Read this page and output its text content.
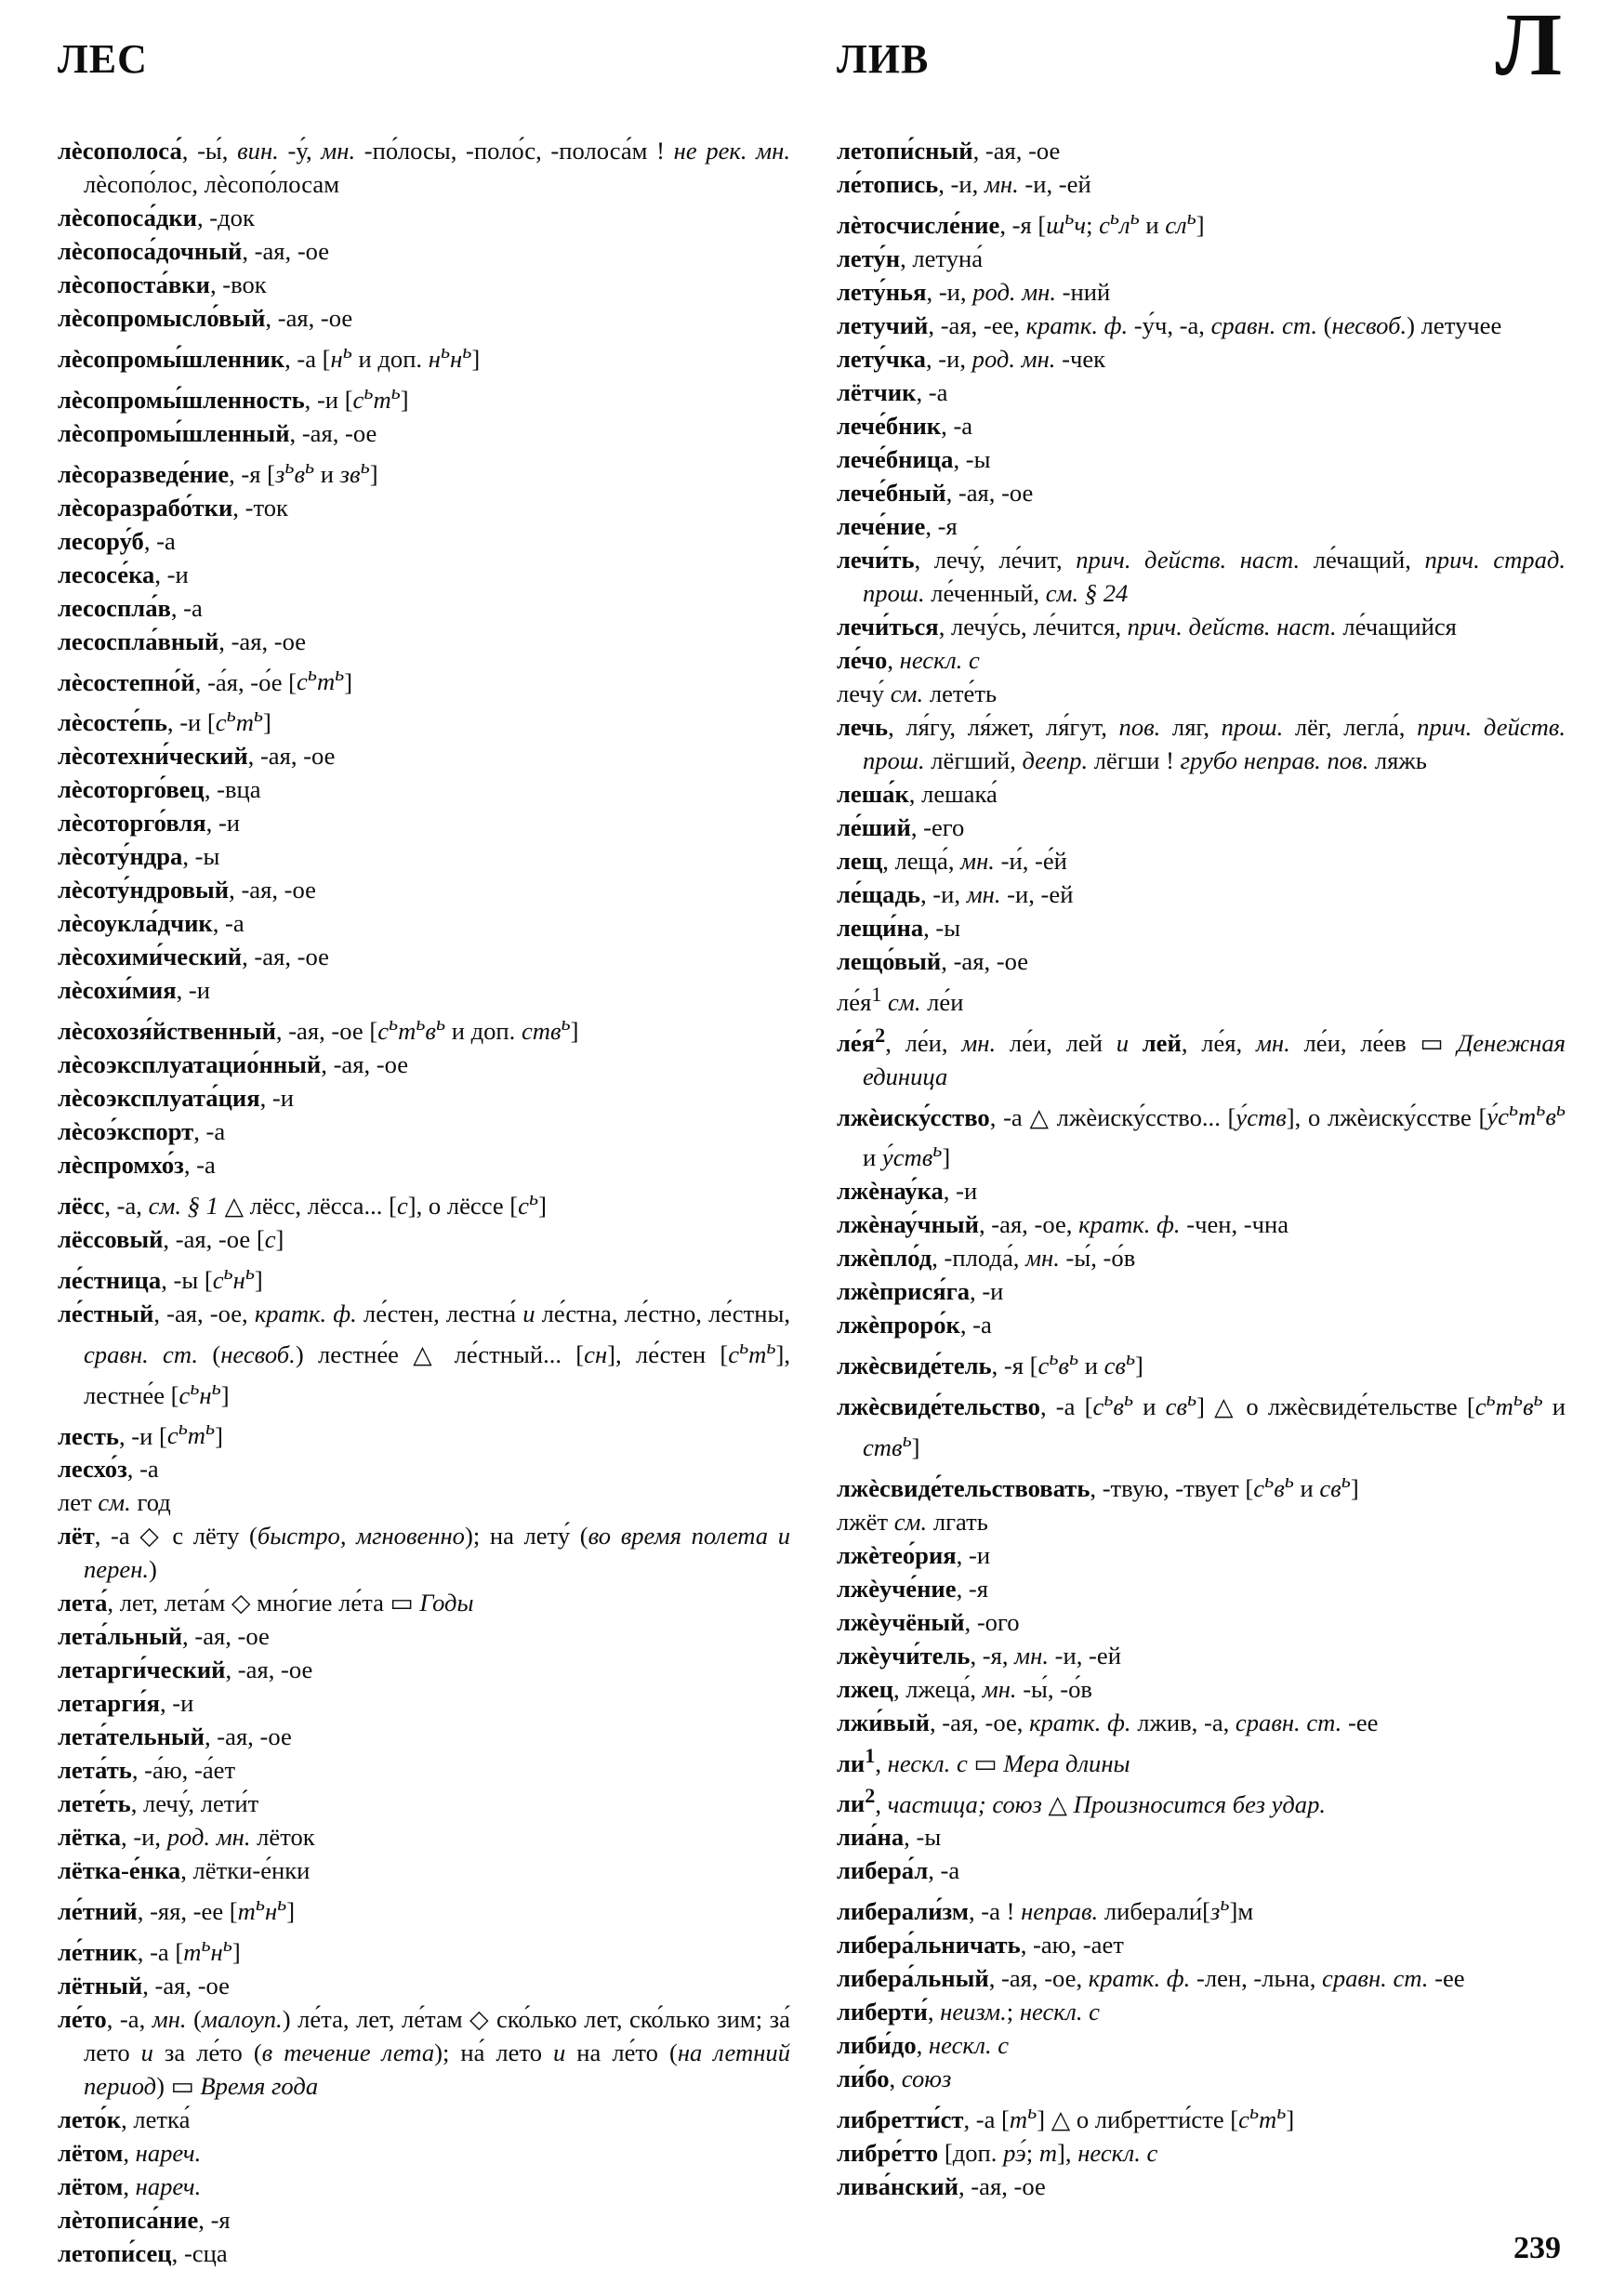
ЛЕС	ЛИВ	Л
лѐсополоса́, -ы́, вин. -у́, мн. -по́лосы, -поло́с, -полоса́м ! не рек. мн. лѐсопо́лос, лѐсопо́лосам
лѐсопоса́дки, -док
лѐсопоса́дочный, -ая, -ое
лѐсопоста́вки, -вок
лѐсопромысло́вый, -ая, -ое
лѐсопромы́шленник, -а [$н^ь$ и доп. $н^ьн^ь$]
лѐсопромы́шленность, -и $[с^ьт^ь]$
лѐсопромы́шленный, -ая, -ое
лѐсоразведе́ние, -я [$з^ьв^ь$ и $зв^ь$]
лѐсоразрабо́тки, -ток
лесору́б, -а
лесосе́ка, -и
лесоспла́в, -а
лесоспла́вный, -ая, -ое
лѐсостепно́й, -а́я, -о́е $[с^ьт^ь]$
лѐсосте́пь, -и $[с^ьт^ь]$
лѐсотехни́ческий, -ая, -ое
лѐсоторго́вец, -вца
лѐсоторго́вля, -и
лѐсоту́ндра, -ы
лѐсоту́ндровый, -ая, -ое
лѐсоукла́дчик, -а
лѐсохими́ческий, -ая, -ое
лѐсохи́мия, -и
лѐсохозя́йственный, -ая, -ое [$с^ьт^ьв^ь$ и доп. ств$^ь$]
лѐсоэксплуатацио́нный, -ая, -ое
лѐсоэксплуата́ция, -и
лѐсоэ́кспорт, -а
лѐспромхо́з, -а
лёсс, -а, см. § 1 △ лёсс, лёсса... [с], о лёссе $[с^ь]$
лёссовый, -ая, -ое [с]
ле́стница, -ы $[с^ьн^ь]$
ле́стный, -ая, -ое, кратк. ф. ле́стен, лестна́ и ле́стна, ле́стно, ле́стны, сравн. ст. (несвоб.) лестне́е △ ле́стный... [сн], ле́стен $[с^ьт^ь]$, лестне́е $[с^ьн^ь]$
лесть, -и $[с^ьт^ь]$
лесхо́з, -а
лет см. год
лёт, -а ◇ с лёту (быстро, мгновенно); на лету́ (во время полета и перен.)
лета́, лет, лета́м ◇ мно́гие ле́та ▭ Годы
лета́льный, -ая, -ое
летарги́ческий, -ая, -ое
летарги́я, -и
лета́тельный, -ая, -ое
лета́ть, -а́ю, -а́ет
лете́ть, лечу́, лети́т
лётка, -и, род. мн. лёток
лётка-е́нка, лётки-е́нки
ле́тний, -яя, -ее $[т^ьн^ь]$
ле́тник, -а $[т^ьн^ь]$
лётный, -ая, -ое
ле́то, -а, мн. (малоуп.) ле́та, лет, ле́там ◇ ско́лько лет, ско́лько зим; за́ лето и за ле́то (в течение лета); на́ лето и на ле́то (на летний период) ▭ Время года
лето́к, летка́
лётом, нареч.
лётом, нареч.
лѐтописа́ние, -я
летопи́сец, -сца
летопи́сный, -ая, -ое
ле́топись, -и, мн. -и, -ей
лѐтосчисле́ние, -я [$ш^ьч$; $с^ьл^ь$ и $сл^ь$]
лету́н, летуна́
лету́нья, -и, род. мн. -ний
летучий, -ая, -ее, кратк. ф. -у́ч, -а, сравн. ст. (несвоб.) летучее
лету́чка, -и, род. мн. -чек
лётчик, -а
лече́бник, -а
лече́бница, -ы
лече́бный, -ая, -ое
лече́ние, -я
лечи́ть, лечу́, ле́чит, прич. действ. наст. ле́чащий, прич. страд. прош. ле́ченный, см. § 24
лечи́ться, лечу́сь, ле́чится, прич. действ. наст. ле́чащийся
ле́чо, нескл. с
лечу́ см. лете́ть
лечь, ля́гу, ля́жет, ля́гут, пов. ляг, прош. лёг, легла́, прич. действ. прош. лёгший, деепр. лёгши ! грубо неправ. пов. ляжь
леша́к, лешака́
ле́ший, -его
лещ, леща́, мн. -и́, -е́й
ле́щадь, -и, мн. -и, -ей
лещи́на, -ы
лещо́вый, -ая, -ое
$ле́я^1$ см. ле́и
$ле́я^2$, ле́и, мн. ле́и, лей и лей, ле́я, мн. ле́и, ле́ев ▭ Денежная единица
лжѐиску́сство, -а △ лжѐиску́сство... [у́ств], о лжѐиску́сстве [$у́с^ьт^ьв^ь$ и у́ств$^ь$]
лжѐнау́ка, -и
лжѐнау́чный, -ая, -ое, кратк. ф. -чен, -чна
лжѐпло́д, -плода́, мн. -ы́, -о́в
лжѐприся́га, -и
лжѐпроро́к, -а
лжѐсвиде́тель, -я [$с^ьв^ь$ и $св^ь$]
лжѐсвиде́тельство, -а [$с^ьв^ь$ и $св^ь$] △ о лжѐсвиде́тельстве [$с^ьт^ьв^ь$ и ств$^ь$]
лжѐсвиде́тельствовать, -твую, -твует [$с^ьв^ь$ и $св^ь$]
лжёт см. лгать
лжѐтео́рия, -и
лжѐуче́ние, -я
лжѐучёный, -ого
лжѐучи́тель, -я, мн. -и, -ей
лжец, лжеца́, мн. -ы́, -о́в
лжи́вый, -ая, -ое, кратк. ф. лжив, -а, сравн. ст. -ее
$ли^1$, нескл. с ▭ Мера длины
$ли^2$, частица; союз △ Произносится без удар.
лиа́на, -ы
либера́л, -а
либерали́зм, -а ! неправ. $либерали́[з^ь]м$
либера́льничать, -аю, -ает
либера́льный, -ая, -ое, кратк. ф. -лен, -льна, сравн. ст. -ее
либерти́, неизм.; нескл. с
либи́до, нескл. с
ли́бо, союз
либретти́ст, -а $[т^ь]$ △ о либретти́сте $[с^ьт^ь]$
либре́тто [доп. рэ́; т], нескл. с
лива́нский, -ая, -ое
239
